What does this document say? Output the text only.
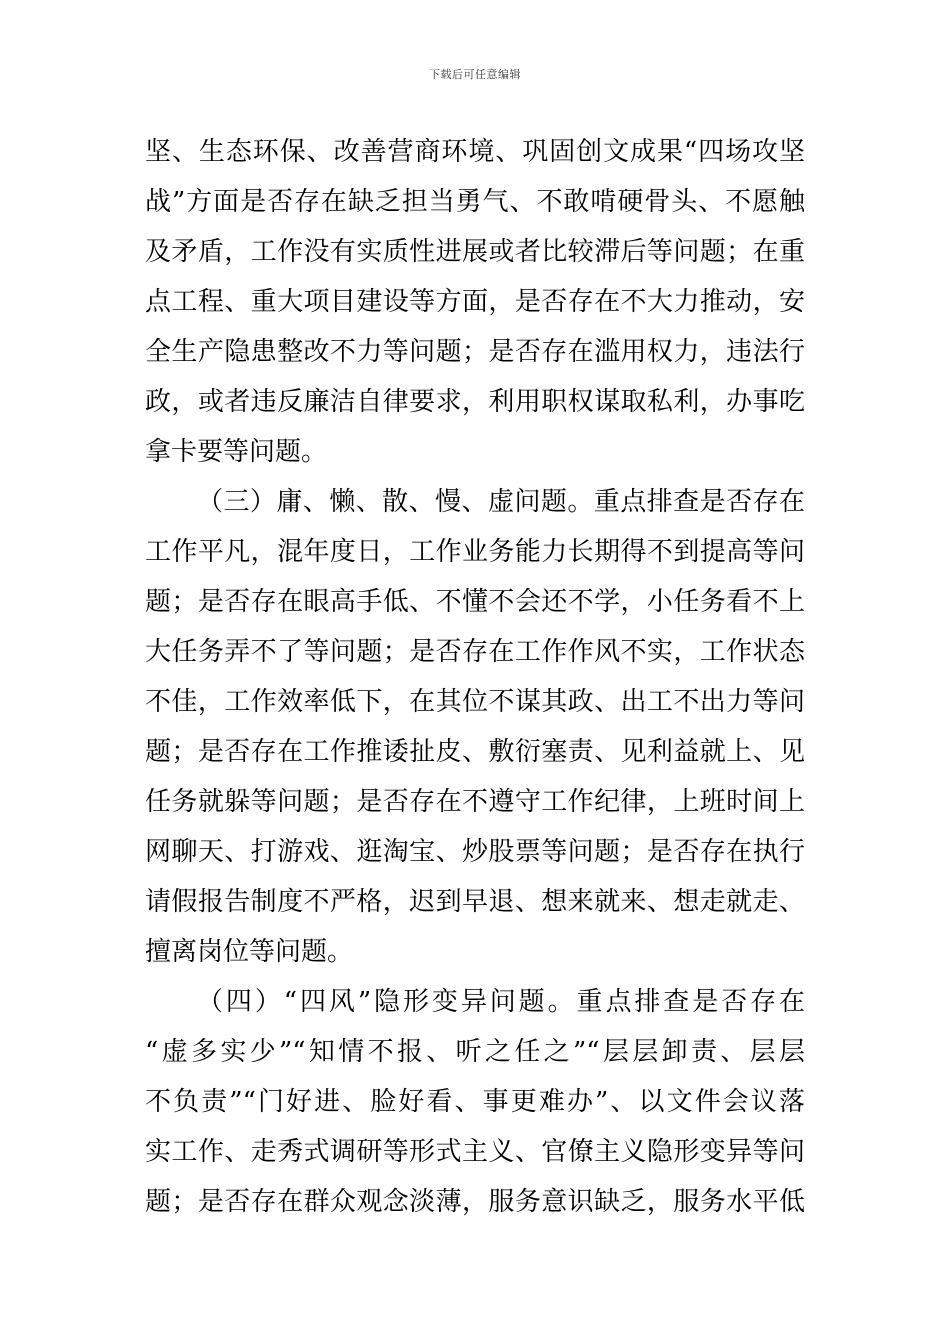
下载后可任意编辑
坚、生态环保、改善营商环境、巩固创文成果“四场攻坚
战”方面是否存在缺乏担当勇气、不敢啃硬骨头、不愿触
及矛盾，工作没有实质性进展或者比较滞后等问题；在重
点工程、重大项目建设等方面，是否存在不大力推动，安
全生产隐患整改不力等问题；是否存在滥用权力，违法行
政，或者违反廉洁自律要求，利用职权谋取私利，办事吃
拿卡要等问题。
（三）庸、懒、散、慢、虚问题。重点排查是否存在
工作平凡，混年度日，工作业务能力长期得不到提高等问
题；是否存在眼高手低、不懂不会还不学，小任务看不上
大任务弄不了等问题；是否存在工作作风不实，工作状态
不佳，工作效率低下，在其位不谋其政、出工不出力等问
题；是否存在工作推诿扯皮、敷衍塞责、见利益就上、见
任务就躲等问题；是否存在不遵守工作纪律，上班时间上
网聊天、打游戏、逛淘宝、炒股票等问题；是否存在执行
请假报告制度不严格，迟到早退、想来就来、想走就走、
擅离岗位等问题。
（四）“四风”隐形变异问题。重点排查是否存在
“虚多实少”“知情不报、听之任之”“层层卸责、层层
不负责”“门好进、脸好看、事更难办”、以文件会议落
实工作、走秀式调研等形式主义、官僚主义隐形变异等问
题；是否存在群众观念淡薄，服务意识缺乏，服务水平低
